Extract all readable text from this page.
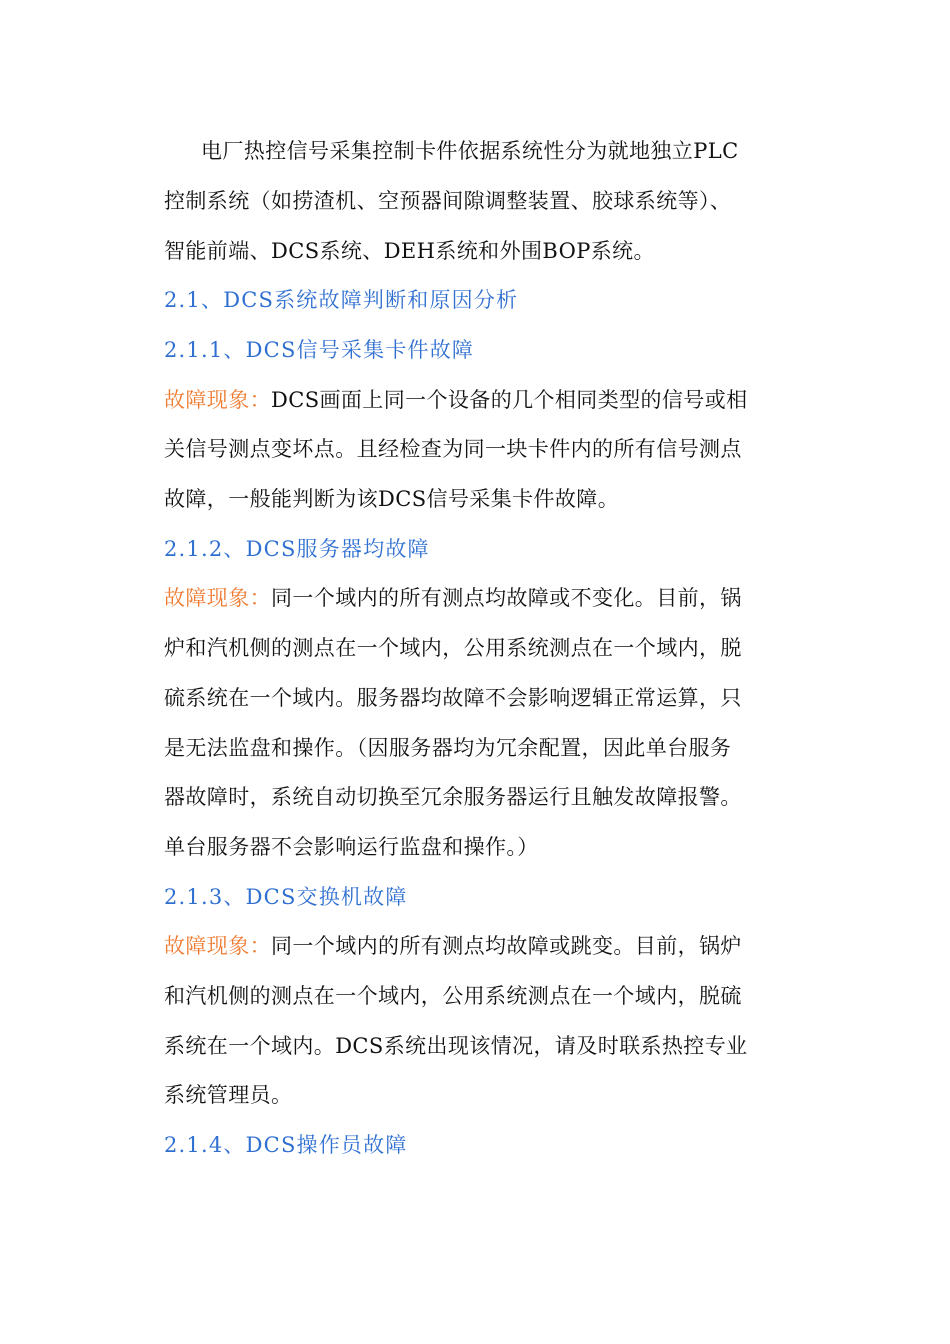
电厂热控信号采集控制卡件依据系统性分为就地独立PLC
控制系统（如捞渣机、空预器间隙调整装置、胶球系统等）、
智能前端、DCS系统、DEH系统和外围BOP系统。
2.1、DCS系统故障判断和原因分析
2.1.1、DCS信号采集卡件故障
故障现象：DCS画面上同一个设备的几个相同类型的信号或相
关信号测点变坏点。且经检查为同一块卡件内的所有信号测点
故障，一般能判断为该DCS信号采集卡件故障。
2.1.2、DCS服务器均故障
故障现象：同一个域内的所有测点均故障或不变化。目前，锅
炉和汽机侧的测点在一个域内，公用系统测点在一个域内，脱
硫系统在一个域内。服务器均故障不会影响逻辑正常运算，只
是无法监盘和操作。（因服务器均为冗余配置，因此单台服务
器故障时，系统自动切换至冗余服务器运行且触发故障报警。
单台服务器不会影响运行监盘和操作。）
2.1.3、DCS交换机故障
故障现象：同一个域内的所有测点均故障或跳变。目前，锅炉
和汽机侧的测点在一个域内，公用系统测点在一个域内，脱硫
系统在一个域内。DCS系统出现该情况，请及时联系热控专业
系统管理员。
2.1.4、DCS操作员故障
